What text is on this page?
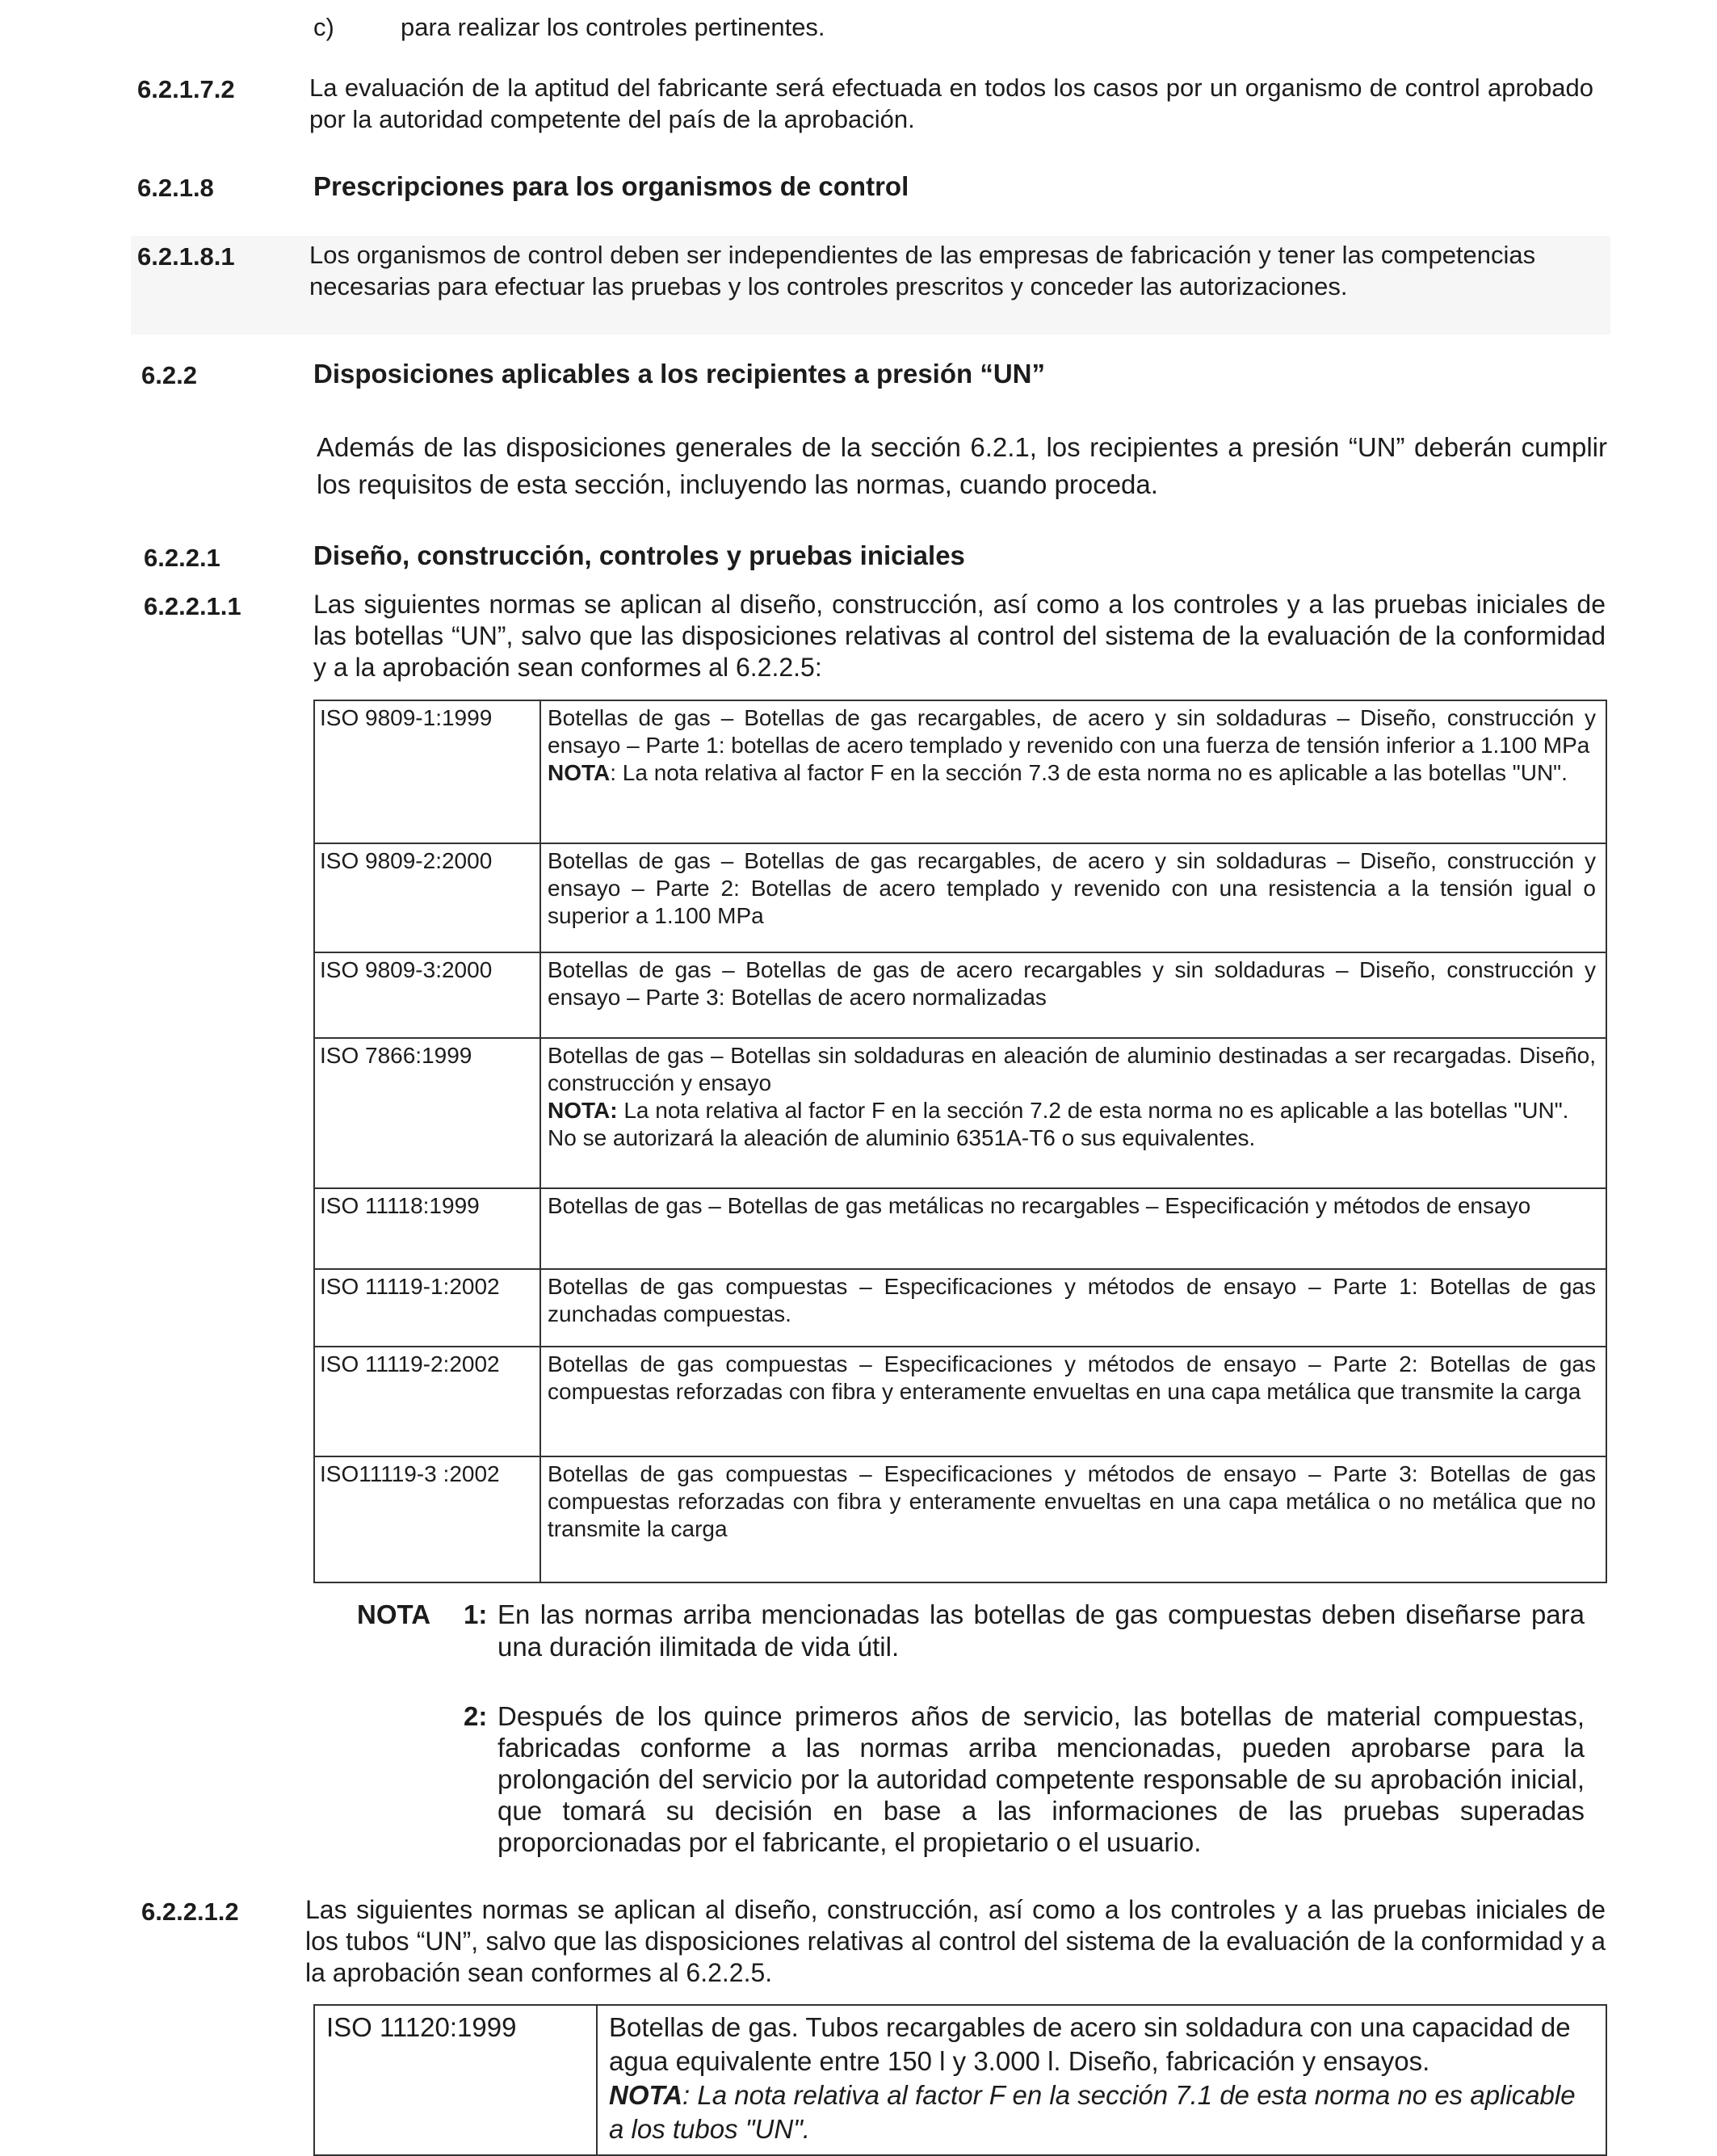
c)	para realizar los controles pertinentes.
6.2.1.7.2	La evaluación de la aptitud del fabricante será efectuada en todos los casos por un organismo de control aprobado por la autoridad competente del país de la aprobación.
6.2.1.8	Prescripciones para los organismos de control
6.2.1.8.1	Los organismos de control deben ser independientes de las empresas de fabricación y tener las competencias necesarias para efectuar las pruebas y los controles prescritos y conceder las autorizaciones.
6.2.2	Disposiciones aplicables a los recipientes a presión “UN”
Además de las disposiciones generales de la sección 6.2.1, los recipientes a presión “UN” deberán cumplir los requisitos de esta sección, incluyendo las normas, cuando proceda.
6.2.2.1	Diseño, construcción, controles y pruebas iniciales
6.2.2.1.1	Las siguientes normas se aplican al diseño, construcción, así como a los controles y a las pruebas iniciales de las botellas “UN”, salvo que las disposiciones relativas al control del sistema de la evaluación de la conformidad y a la aprobación sean conformes al 6.2.2.5:
ISO 9809-1:1999	Botellas de gas – Botellas de gas recargables, de acero y sin soldaduras – Diseño, construcción y ensayo – Parte 1: botellas de acero templado y revenido con una fuerza de tensión inferior a 1.100 MPa
NOTA: La nota relativa al factor F en la sección 7.3 de esta norma no es aplicable a las botellas "UN".
ISO 9809-2:2000	Botellas de gas – Botellas de gas recargables, de acero y sin soldaduras – Diseño, construcción y ensayo – Parte 2: Botellas de acero templado y revenido con una resistencia a la tensión igual o superior a 1.100 MPa
ISO 9809-3:2000	Botellas de gas – Botellas de gas de acero recargables y sin soldaduras – Diseño, construcción y ensayo – Parte 3: Botellas de acero normalizadas
ISO 7866:1999	Botellas de gas – Botellas sin soldaduras en aleación de aluminio destinadas a ser recargadas. Diseño, construcción y ensayo
NOTA: La nota relativa al factor F en la sección 7.2 de esta norma no es aplicable a las botellas "UN".
No se autorizará la aleación de aluminio 6351A-T6 o sus equivalentes.
ISO 11118:1999	Botellas de gas – Botellas de gas metálicas no recargables – Especificación y métodos de ensayo
ISO 11119-1:2002	Botellas de gas compuestas – Especificaciones y métodos de ensayo – Parte 1: Botellas de gas zunchadas compuestas.
ISO 11119-2:2002	Botellas de gas compuestas – Especificaciones y métodos de ensayo – Parte 2: Botellas de gas compuestas reforzadas con fibra y enteramente envueltas en una capa metálica que transmite la carga
ISO11119-3 :2002	Botellas de gas compuestas – Especificaciones y métodos de ensayo – Parte 3: Botellas de gas compuestas reforzadas con fibra y enteramente envueltas en una capa metálica o no metálica que no transmite la carga
NOTA 1: En las normas arriba mencionadas las botellas de gas compuestas deben diseñarse para una duración ilimitada de vida útil.
2: Después de los quince primeros años de servicio, las botellas de material compuestas, fabricadas conforme a las normas arriba mencionadas, pueden aprobarse para la prolongación del servicio por la autoridad competente responsable de su aprobación inicial, que tomará su decisión en base a las informaciones de las pruebas superadas proporcionadas por el fabricante, el propietario o el usuario.
6.2.2.1.2	Las siguientes normas se aplican al diseño, construcción, así como a los controles y a las pruebas iniciales de los tubos “UN”, salvo que las disposiciones relativas al control del sistema de la evaluación de la conformidad y a la aprobación sean conformes al 6.2.2.5.
ISO 11120:1999	Botellas de gas. Tubos recargables de acero sin soldadura con una capacidad de agua equivalente entre 150 l y 3.000 l. Diseño, fabricación y ensayos.
NOTA: La nota relativa al factor F en la sección 7.1 de esta norma no es aplicable a los tubos "UN".
